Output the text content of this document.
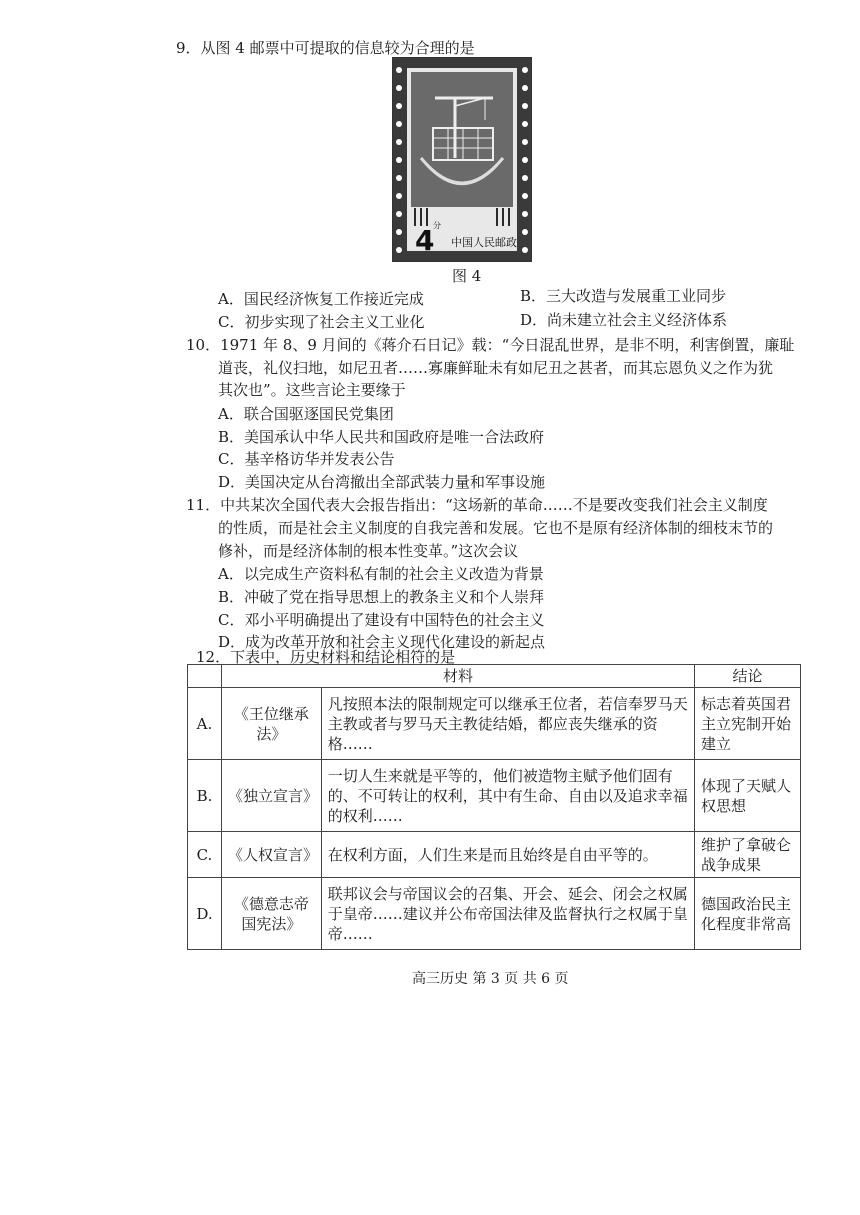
9．从图 4 邮票中可提取的信息较为合理的是
4
分
中国人民邮政
图 4
A．国民经济恢复工作接近完成	B．三大改造与发展重工业同步
C．初步实现了社会主义工业化	D．尚未建立社会主义经济体系
10．1971 年 8、9 月间的《蒋介石日记》载：“今日混乱世界，是非不明，利害倒置，廉耻
道丧，礼仪扫地，如尼丑者……寡廉鲜耻未有如尼丑之甚者，而其忘恩负义之作为犹
其次也”。这些言论主要缘于
A．联合国驱逐国民党集团
B．美国承认中华人民共和国政府是唯一合法政府
C．基辛格访华并发表公告
D．美国决定从台湾撤出全部武装力量和军事设施
11．中共某次全国代表大会报告指出：“这场新的革命……不是要改变我们社会主义制度
的性质，而是社会主义制度的自我完善和发展。它也不是原有经济体制的细枝末节的
修补，而是经济体制的根本性变革。”这次会议
A．以完成生产资料私有制的社会主义改造为背景
B．冲破了党在指导思想上的教条主义和个人崇拜
C．邓小平明确提出了建设有中国特色的社会主义
D．成为改革开放和社会主义现代化建设的新起点
12．下表中，历史材料和结论相符的是
	材料		结论
A.	《王位继承法》	凡按照本法的限制规定可以继承王位者，若信奉罗马天主教或者与罗马天主教徒结婚，都应丧失继承的资格……	标志着英国君主立宪制开始建立
B.	《独立宣言》	一切人生来就是平等的，他们被造物主赋予他们固有的、不可转让的权利，其中有生命、自由以及追求幸福的权利……	体现了天赋人权思想
C.	《人权宣言》	在权利方面，人们生来是而且始终是自由平等的。	维护了拿破仑战争成果
D.	《德意志帝国宪法》	联邦议会与帝国议会的召集、开会、延会、闭会之权属于皇帝……建议并公布帝国法律及监督执行之权属于皇帝……	德国政治民主化程度非常高
高三历史 第 3 页 共 6 页
